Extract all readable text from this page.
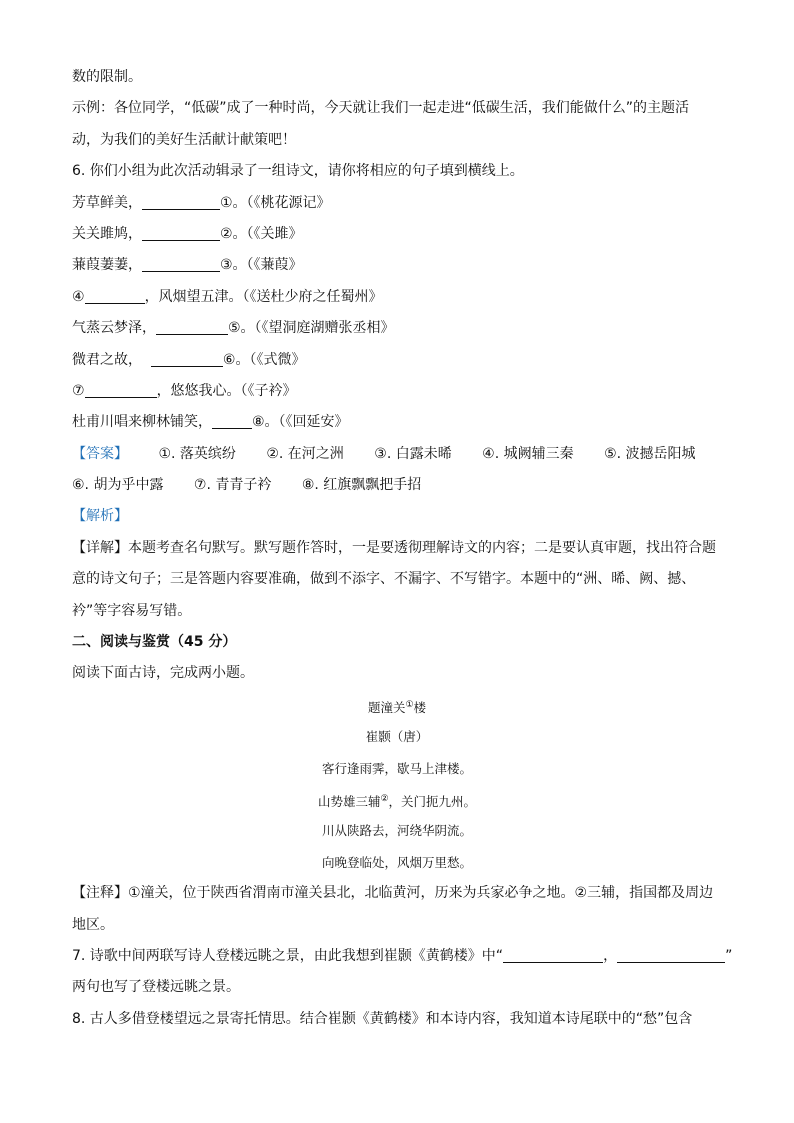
数的限制。
示例：各位同学，“低碳”成了一种时尚，今天就让我们一起走进“低碳生活，我们能做什么”的主题活
动，为我们的美好生活献计献策吧！
6. 你们小组为此次活动辑录了一组诗文，请你将相应的句子填到横线上。
芳草鲜美，	①。（《桃花源记》
关关雎鸠，	②。（《关雎》
蒹葭萋萋，	③。（《蒹葭》
④	，风烟望五津。（《送杜少府之任蜀州》
气蒸云梦泽，	⑤。（《望洞庭湖赠张丞相》
微君之故，	⑥。（《式微》
⑦	，悠悠我心。（《子衿》
杜甫川唱来柳林铺笑，	⑧。（《回延安》
【答案】 ①. 落英缤纷 ②. 在河之洲 ③. 白露未晞 ④. 城阙辅三秦 ⑤. 波撼岳阳城
⑥. 胡为乎中露 ⑦. 青青子衿 ⑧. 红旗飘飘把手招
【解析】
【详解】本题考查名句默写。默写题作答时，一是要透彻理解诗文的内容；二是要认真审题，找出符合题
意的诗文句子；三是答题内容要准确，做到不添字、不漏字、不写错字。本题中的“洲、晞、阙、撼、
衿”等字容易写错。
二、阅读与鉴赏（45 分）
阅读下面古诗，完成两小题。
题潼关①楼
崔颢（唐）
客行逢雨霁，歇马上津楼。
山势雄三辅②，关门扼九州。
川从陕路去，河绕华阴流。
向晚登临处，风烟万里愁。
【注释】①潼关，位于陕西省渭南市潼关县北，北临黄河，历来为兵家必争之地。②三辅，指国都及周边
地区。
7. 诗歌中间两联写诗人登楼远眺之景，由此我想到崔颢《黄鹤楼》中“	，	”
两句也写了登楼远眺之景。
8. 古人多借登楼望远之景寄托情思。结合崔颢《黄鹤楼》和本诗内容，我知道本诗尾联中的“愁”包含
